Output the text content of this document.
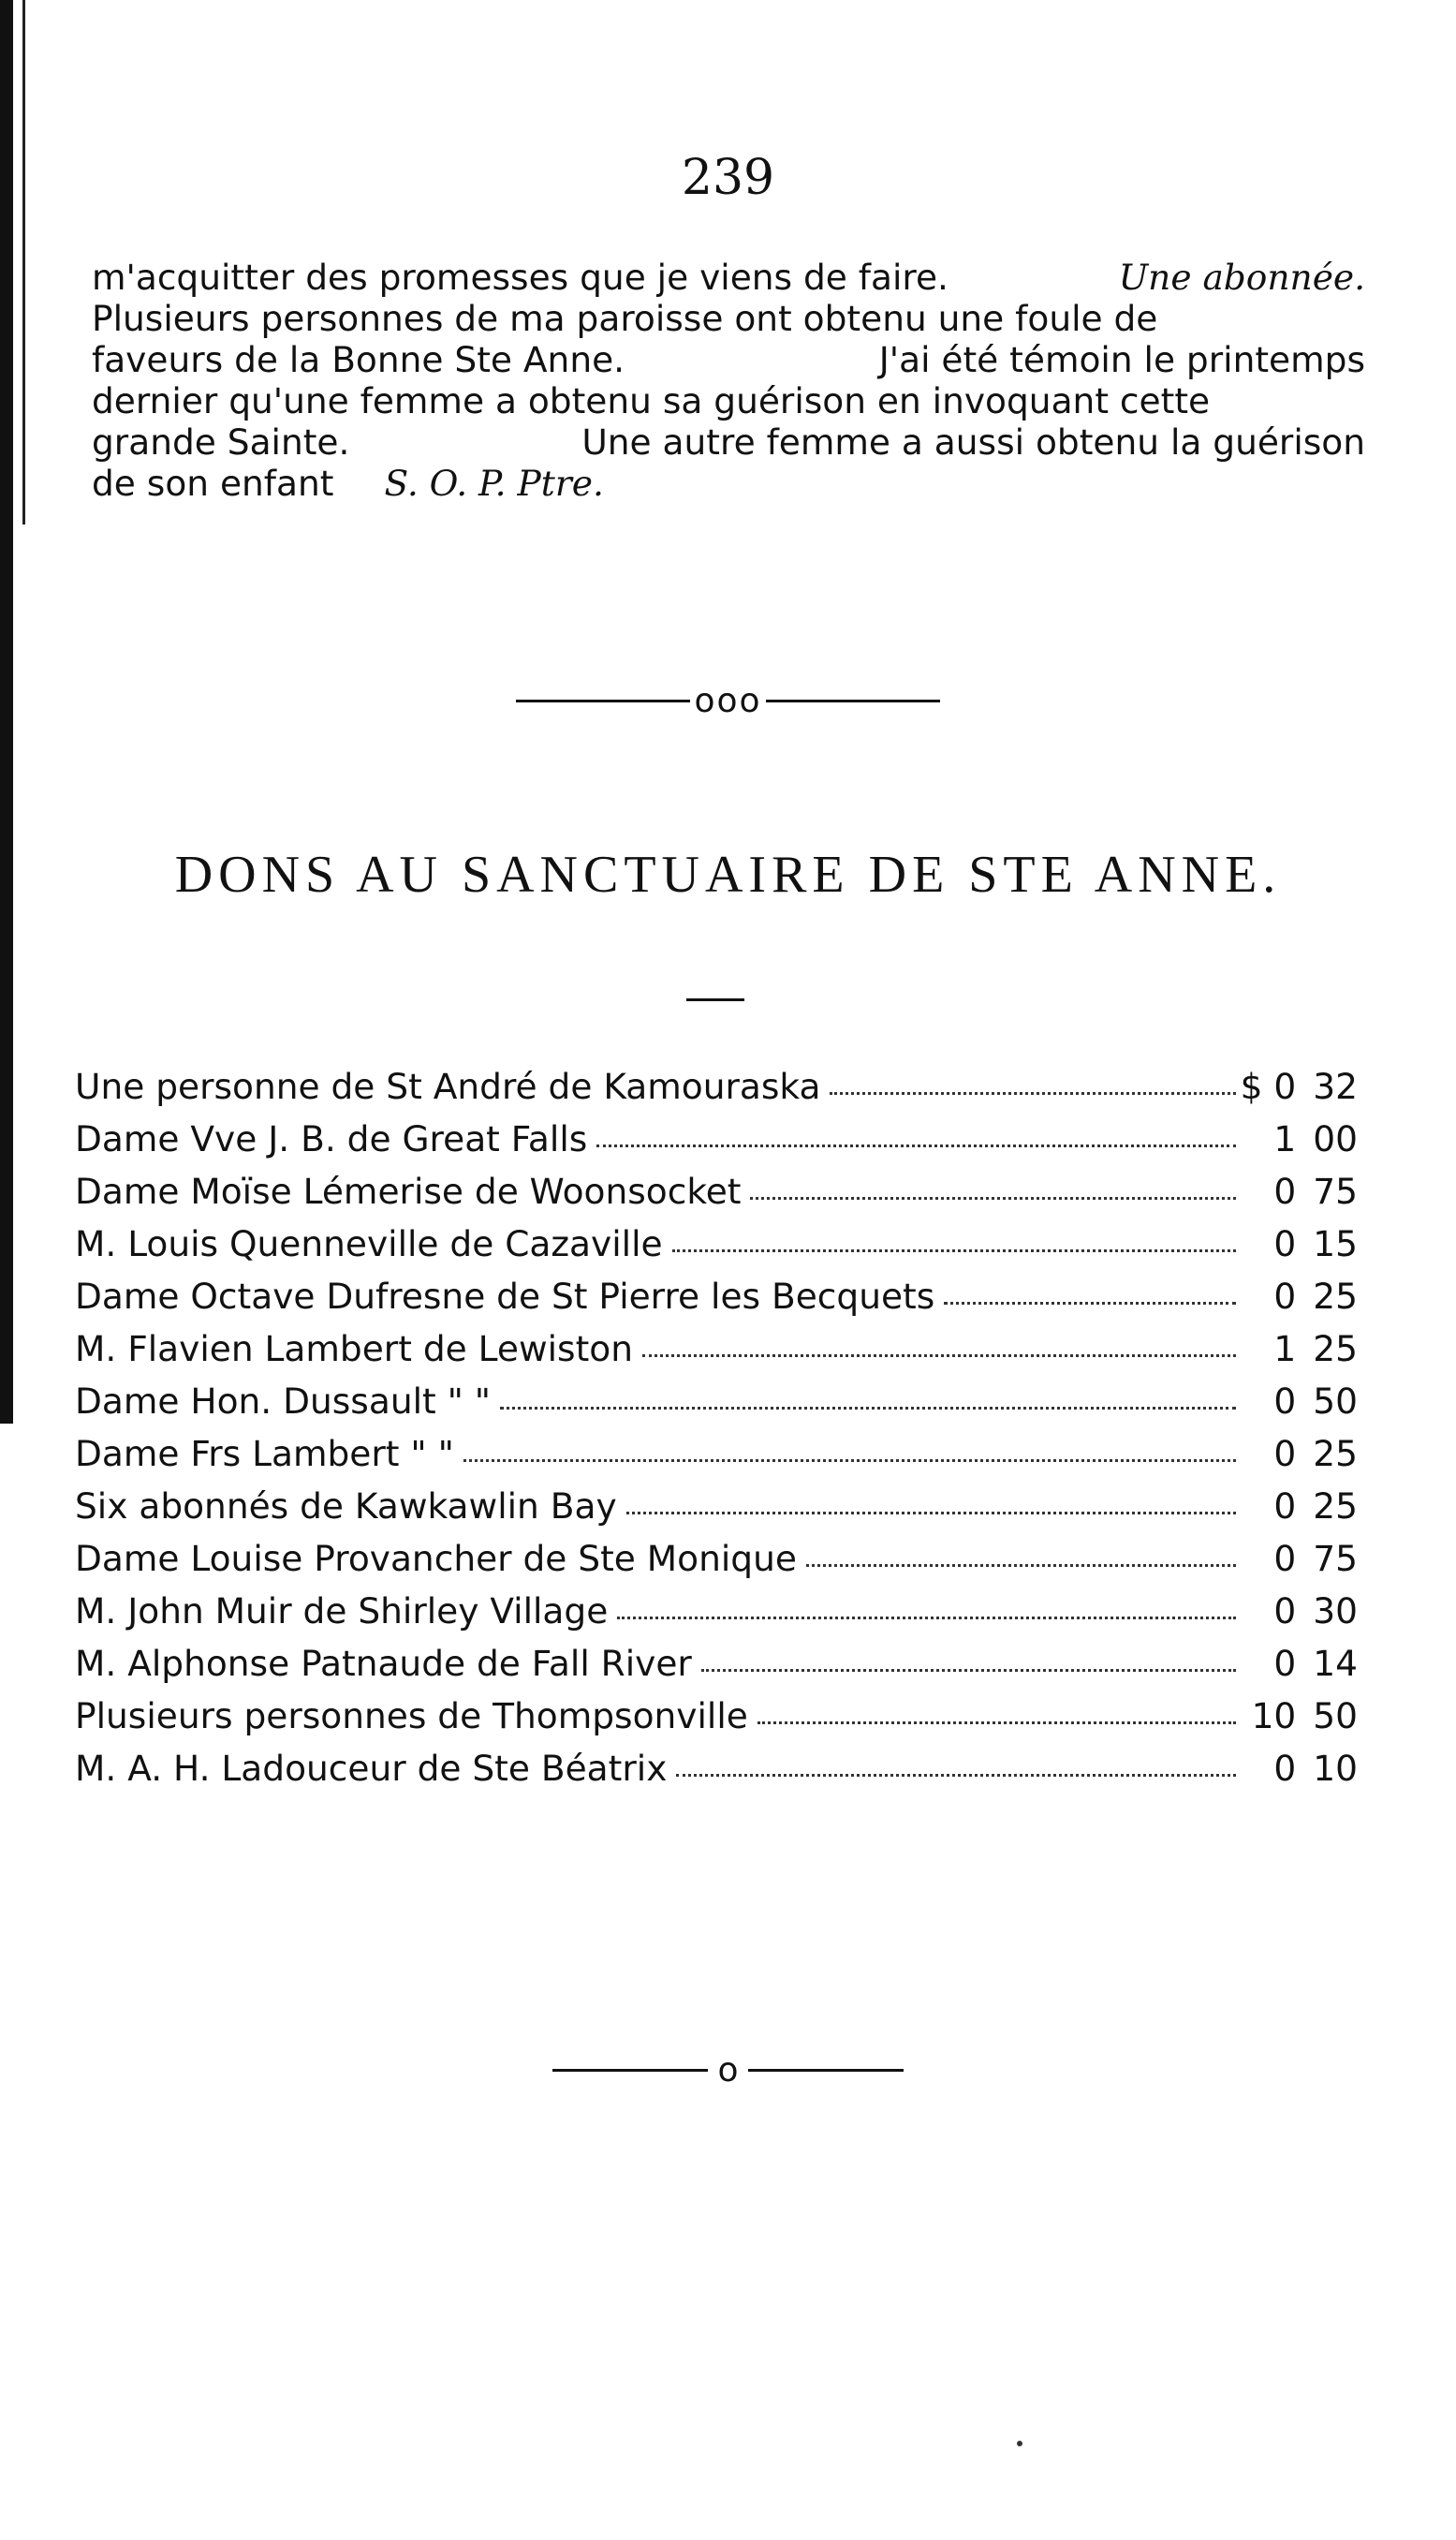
239
m'acquitter des promesses que je viens de faire.	Une abonnée.
Plusieurs personnes de ma paroisse ont obtenu une foule de
faveurs de la Bonne Ste Anne.	J'ai été témoin le printemps
dernier qu'une femme a obtenu sa guérison en invoquant cette
grande Sainte.	Une autre femme a aussi obtenu la guérison
de son enfant S. O. P. Ptre.
ooo
DONS AU SANCTUAIRE DE STE ANNE.
Une personne de St André de Kamouraska	$ 0 32
Dame Vve J. B. de Great Falls	1 00
Dame Moïse Lémerise de Woonsocket	0 75
M. Louis Quenneville de Cazaville	0 15
Dame Octave Dufresne de St Pierre les Becquets	0 25
M. Flavien Lambert de Lewiston	1 25
Dame Hon. Dussault " "	0 50
Dame Frs Lambert " "	0 25
Six abonnés de Kawkawlin Bay	0 25
Dame Louise Provancher de Ste Monique	0 75
M. John Muir de Shirley Village	0 30
M. Alphonse Patnaude de Fall River	0 14
Plusieurs personnes de Thompsonville	10 50
M. A. H. Ladouceur de Ste Béatrix	0 10
o
